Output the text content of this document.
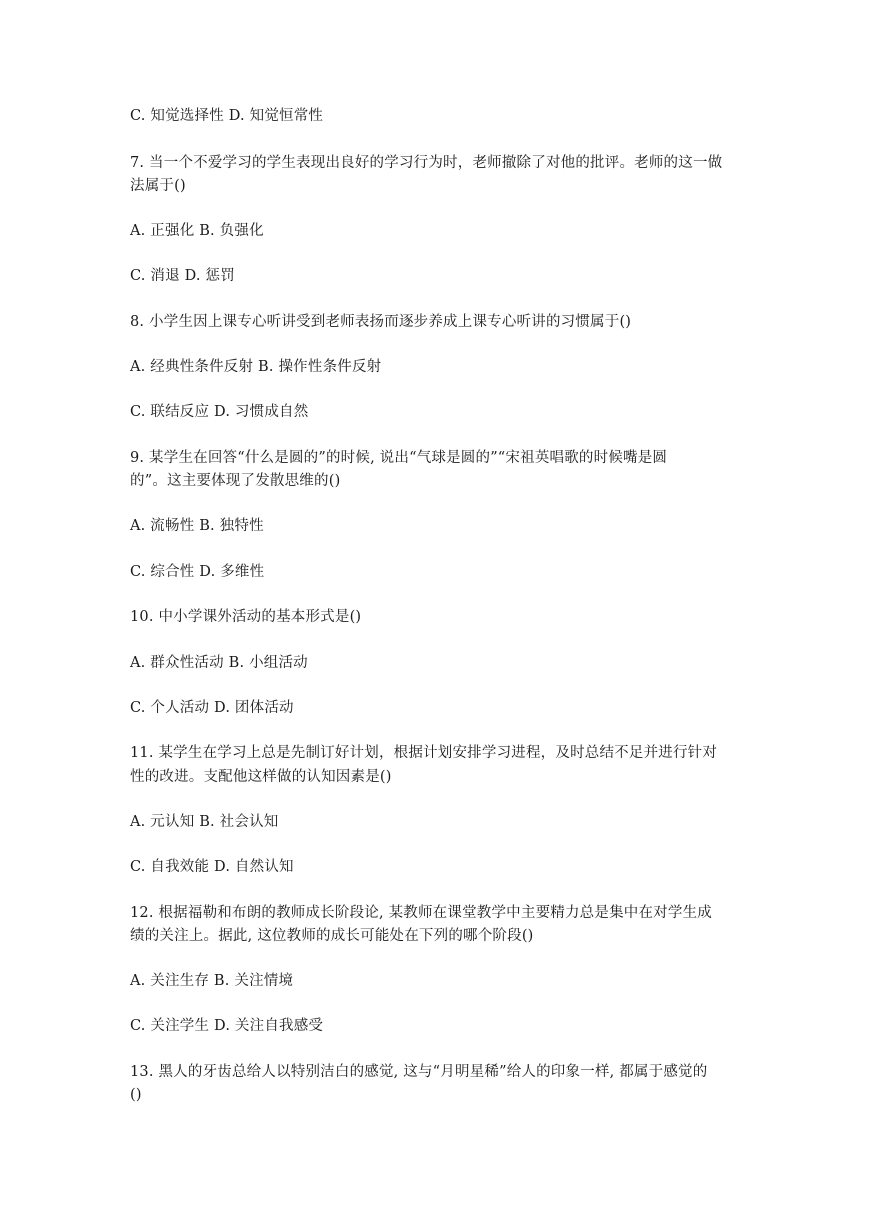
C. 知觉选择性 D. 知觉恒常性
7. 当一个不爱学习的学生表现出良好的学习行为时，老师撤除了对他的批评。老师的这一做
法属于()
A. 正强化 B. 负强化
C. 消退 D. 惩罚
8. 小学生因上课专心听讲受到老师表扬而逐步养成上课专心听讲的习惯属于()
A. 经典性条件反射 B. 操作性条件反射
C. 联结反应 D. 习惯成自然
9. 某学生在回答“什么是圆的”的时候, 说出“气球是圆的”“宋祖英唱歌的时候嘴是圆
的”。这主要体现了发散思维的()
A. 流畅性 B. 独特性
C. 综合性 D. 多维性
10. 中小学课外活动的基本形式是()
A. 群众性活动 B. 小组活动
C. 个人活动 D. 团体活动
11. 某学生在学习上总是先制订好计划，根据计划安排学习进程，及时总结不足并进行针对
性的改进。支配他这样做的认知因素是()
A. 元认知 B. 社会认知
C. 自我效能 D. 自然认知
12. 根据福勒和布朗的教师成长阶段论, 某教师在课堂教学中主要精力总是集中在对学生成
绩的关注上。据此, 这位教师的成长可能处在下列的哪个阶段()
A. 关注生存 B. 关注情境
C. 关注学生 D. 关注自我感受
13. 黑人的牙齿总给人以特别洁白的感觉, 这与“月明星稀”给人的印象一样, 都属于感觉的
()
